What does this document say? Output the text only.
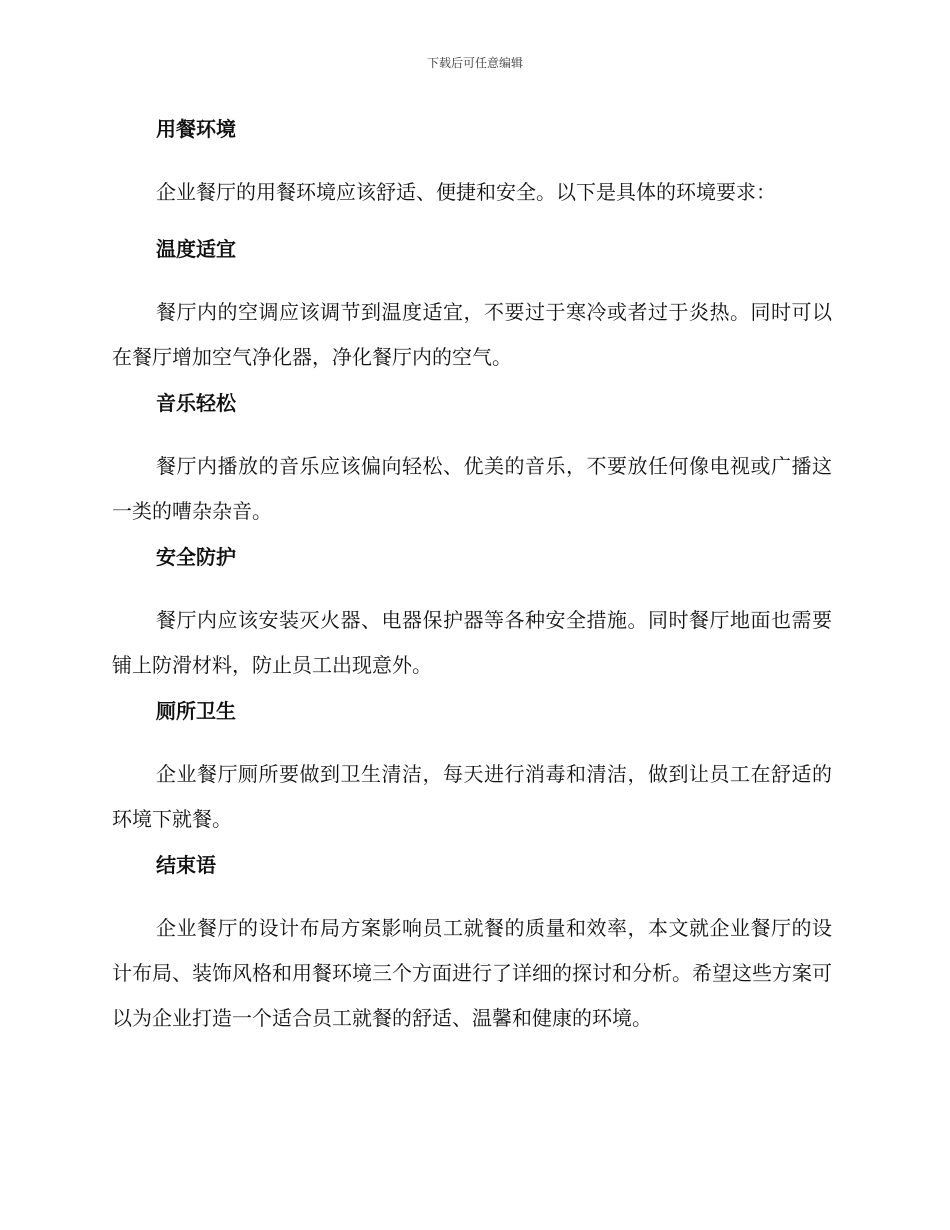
下载后可任意编辑
用餐环境

企业餐厅的用餐环境应该舒适、便捷和安全。以下是具体的环境要求：

温度适宜

餐厅内的空调应该调节到温度适宜，不要过于寒冷或者过于炎热。同时可以在餐厅增加空气净化器，净化餐厅内的空气。

音乐轻松

餐厅内播放的音乐应该偏向轻松、优美的音乐，不要放任何像电视或广播这一类的嘈杂杂音。

安全防护

餐厅内应该安装灭火器、电器保护器等各种安全措施。同时餐厅地面也需要铺上防滑材料，防止员工出现意外。

厕所卫生

企业餐厅厕所要做到卫生清洁，每天进行消毒和清洁，做到让员工在舒适的环境下就餐。

结束语

企业餐厅的设计布局方案影响员工就餐的质量和效率，本文就企业餐厅的设计布局、装饰风格和用餐环境三个方面进行了详细的探讨和分析。希望这些方案可以为企业打造一个适合员工就餐的舒适、温馨和健康的环境。
